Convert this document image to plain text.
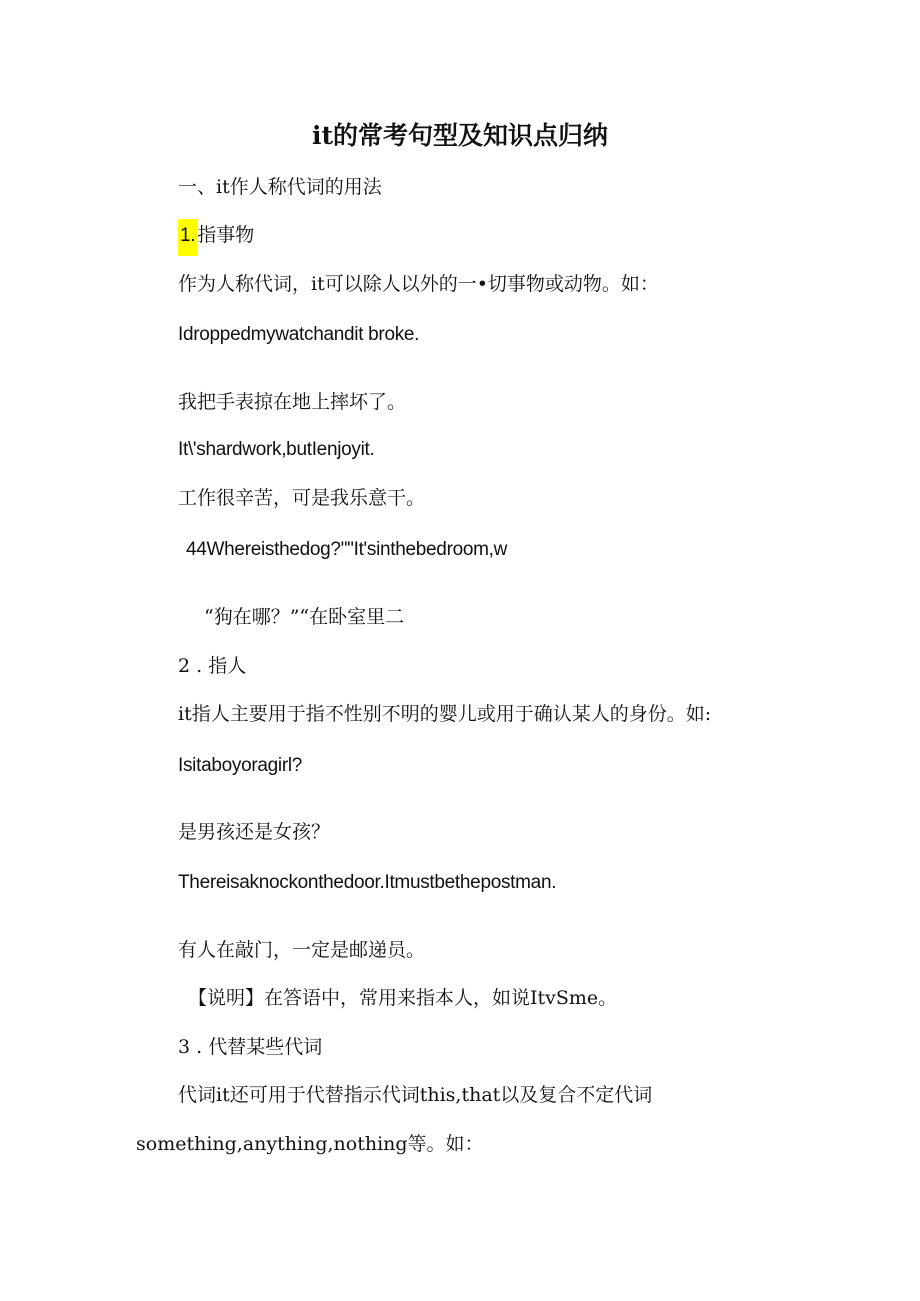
it的常考句型及知识点归纳

一、it作人称代词的用法

1. 指事物

作为人称代词，it可以除人以外的一•切事物或动物。如：

Idroppedmywatchandit broke.

我把手表掠在地上摔坏了。

It\'shardwork,butIenjoyit.

工作很辛苦，可是我乐意干。

44Whereisthedog?""It'sinthebedroom,w

“狗在哪？”“在卧室里二

2 . 指人

it指人主要用于指不性别不明的婴儿或用于确认某人的身份。如:

Isitaboyoragirl?

是男孩还是女孩？

Thereisaknockonthedoor.Itmustbethepostman.

有人在敲门，一定是邮递员。

【说明】在答语中，常用来指本人，如说ItvSme。

3 . 代替某些代词

代词it还可用于代替指示代词this,that以及复合不定代词

something,anything,nothing等。如：
